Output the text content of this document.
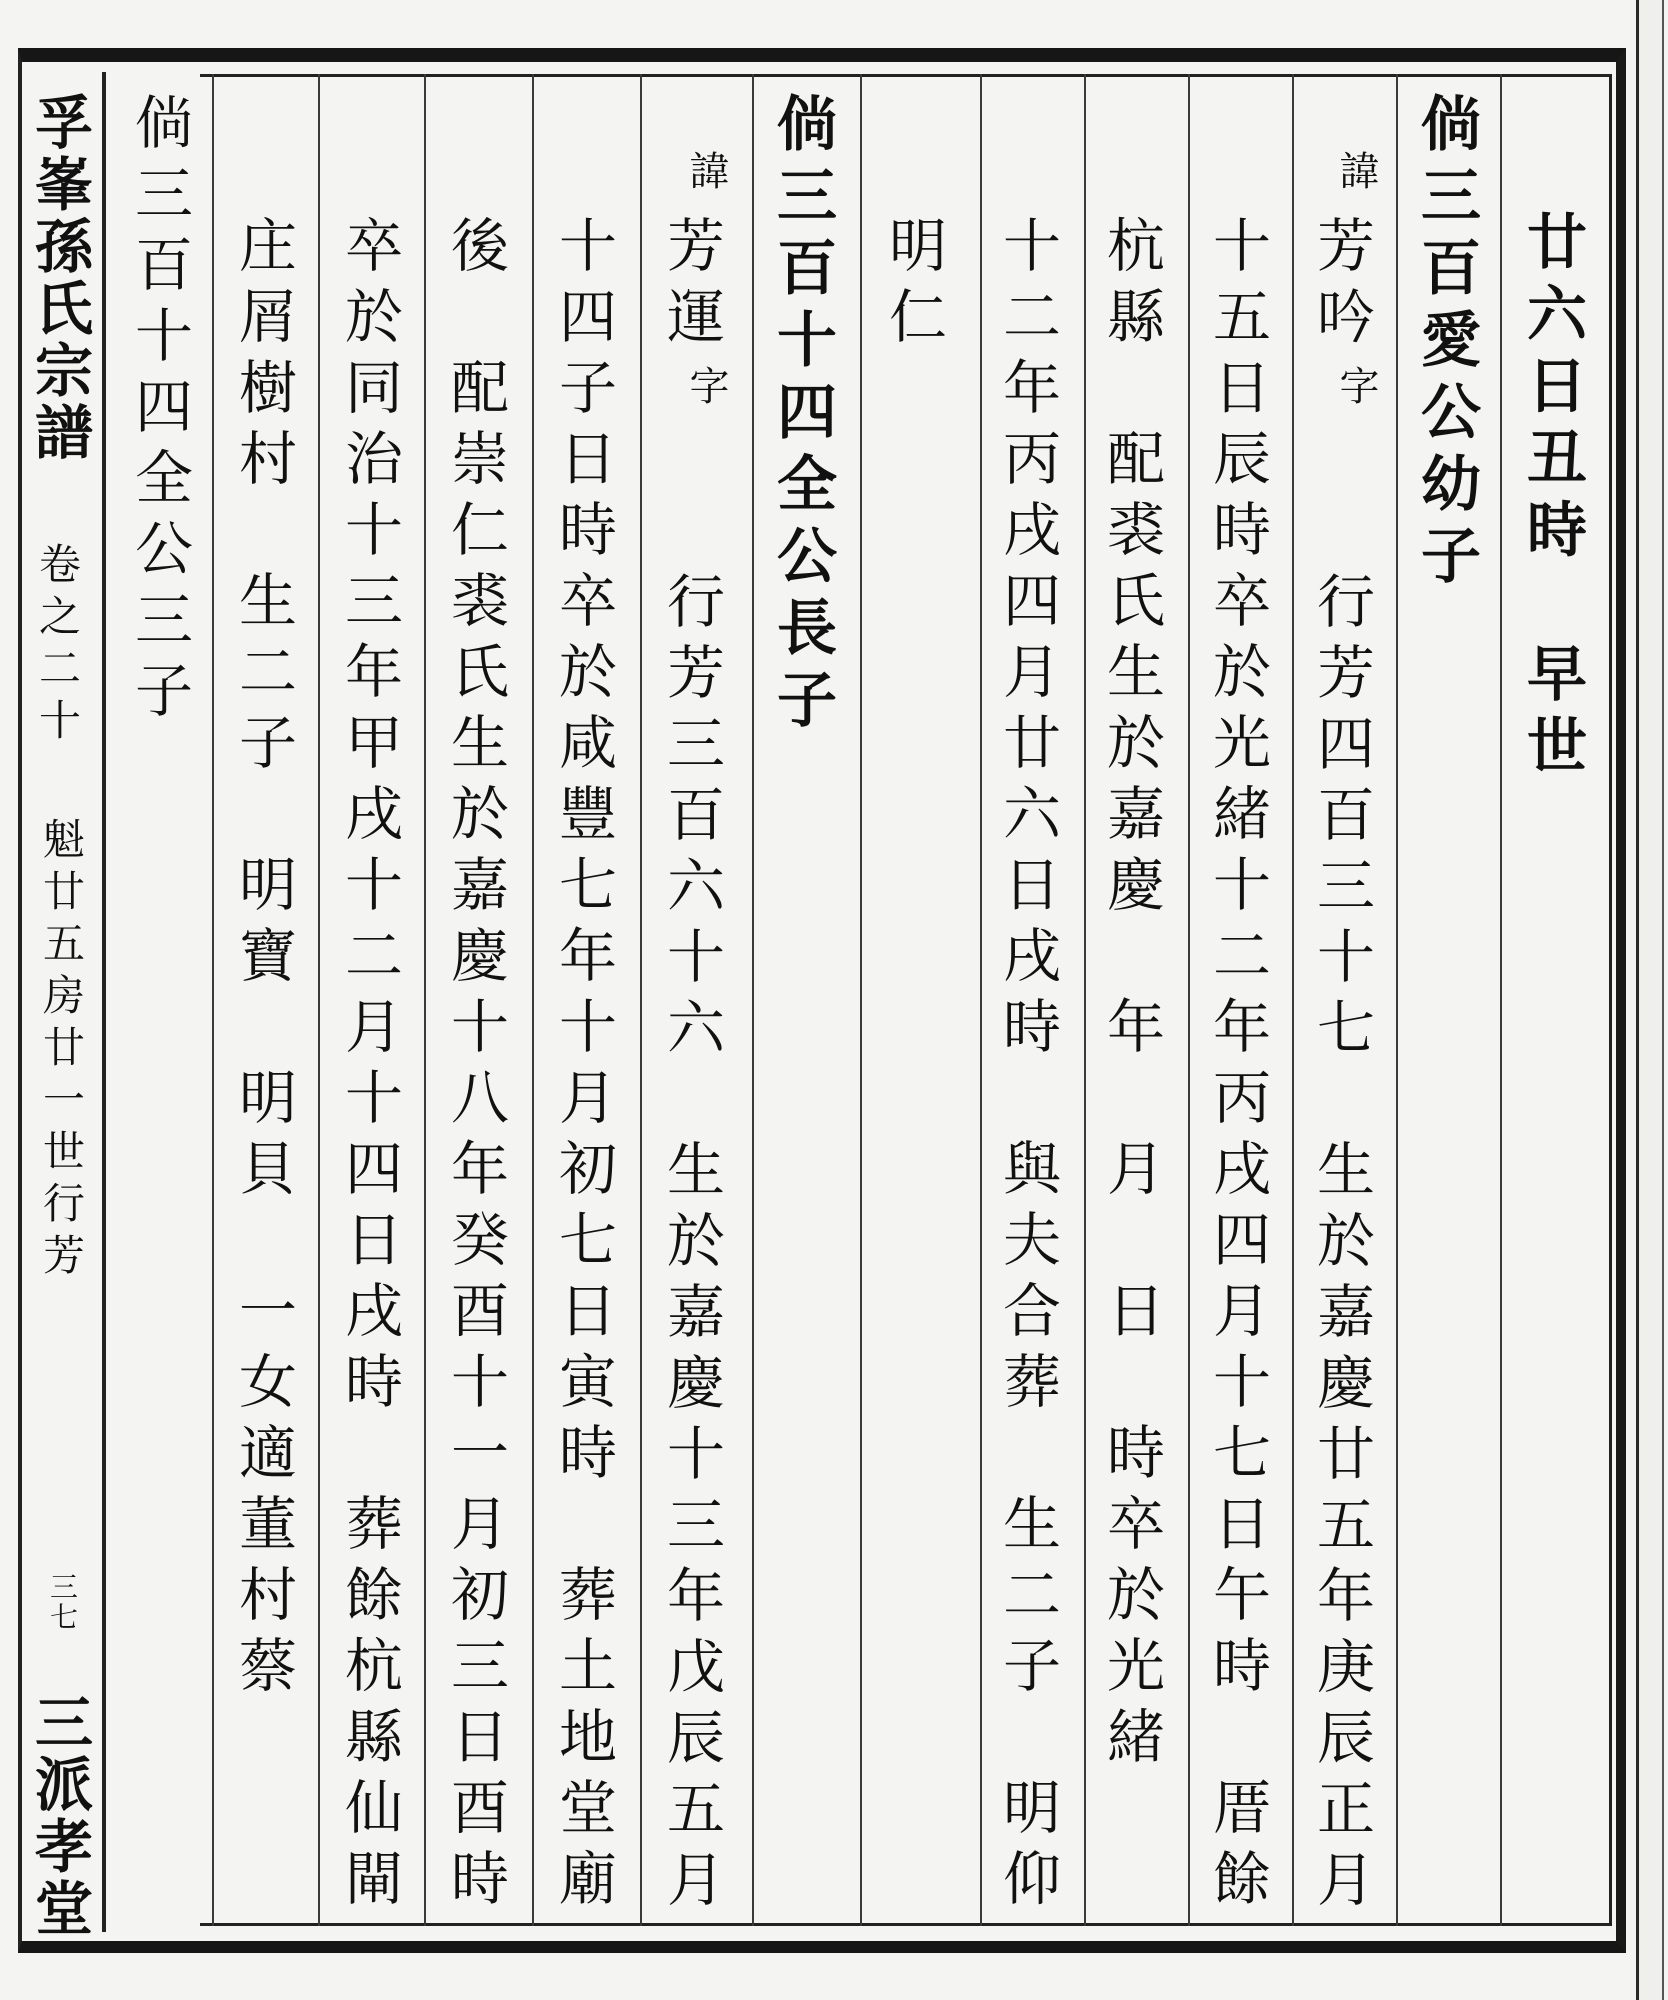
孚峯孫氏宗譜
卷之二十
魁廿五房廿一世行芳
三七
三派孝堂
廿六日丑時　早世
倘三百愛公幼子
諱
芳吟
字
　行芳四百三十七　生於嘉慶廿五年庚辰正月
十五日辰時卒於光緒十二年丙戌四月十七日午時　厝餘
杭縣　配裘氏生於嘉慶　年　月　日　時卒於光緒
十二年丙戌四月廿六日戌時　與夫合葬　生二子　明仰
明仁
倘三百十四全公長子
諱
芳運
字
　行芳三百六十六　生於嘉慶十三年戊辰五月
十四子日時卒於咸豐七年十月初七日寅時　葬土地堂廟
後　配崇仁裘氏生於嘉慶十八年癸酉十一月初三日酉時
卒於同治十三年甲戌十二月十四日戌時　葬餘杭縣仙閘
庄屑樹村　生二子　明寶　明貝　一女適董村蔡
倘三百十四全公三子
